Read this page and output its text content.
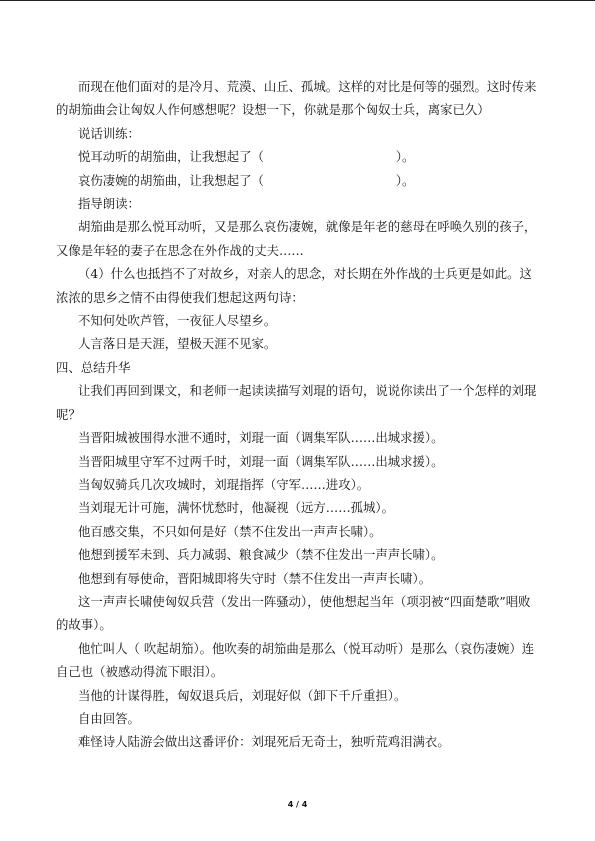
而现在他们面对的是冷月、荒漠、山丘、孤城。这样的对比是何等的强烈。这时传来的胡笳曲会让匈奴人作何感想呢？设想一下，你就是那个匈奴士兵，离家已久）

说话训练：

悦耳动听的胡笳曲，让我想起了（	）。

哀伤凄婉的胡笳曲，让我想起了（	）。

指导朗读：

胡笳曲是那么悦耳动听，又是那么哀伤凄婉，就像是年老的慈母在呼唤久别的孩子，又像是年轻的妻子在思念在外作战的丈夫……

（4）什么也抵挡不了对故乡，对亲人的思念，对长期在外作战的士兵更是如此。这浓浓的思乡之情不由得使我们想起这两句诗：

不知何处吹芦管，一夜征人尽望乡。

人言落日是天涯，望极天涯不见家。

四、总结升华

让我们再回到课文，和老师一起读读描写刘琨的语句，说说你读出了一个怎样的刘琨呢？

当晋阳城被围得水泄不通时，刘琨一面（调集军队……出城求援）。

当晋阳城里守军不过两千时，刘琨一面（调集军队……出城求援）。

当匈奴骑兵几次攻城时，刘琨指挥（守军……进攻）。

当刘琨无计可施，满怀忧愁时，他凝视（远方……孤城）。

他百感交集，不只如何是好（禁不住发出一声声长啸）。

他想到援军未到、兵力减弱、粮食减少（禁不住发出一声声长啸）。

他想到有辱使命，晋阳城即将失守时（禁不住发出一声声长啸）。

这一声声长啸使匈奴兵营（发出一阵骚动），使他想起当年（项羽被“四面楚歌”唱败的故事）。

他忙叫人（ 吹起胡笳）。他吹奏的胡笳曲是那么（悦耳动听）是那么（哀伤凄婉）连自己也（被感动得流下眼泪）。

当他的计谋得胜，匈奴退兵后，刘琨好似（卸下千斤重担）。

自由回答。

难怪诗人陆游会做出这番评价：刘琨死后无奇士，独听荒鸡泪满衣。

4 / 4
